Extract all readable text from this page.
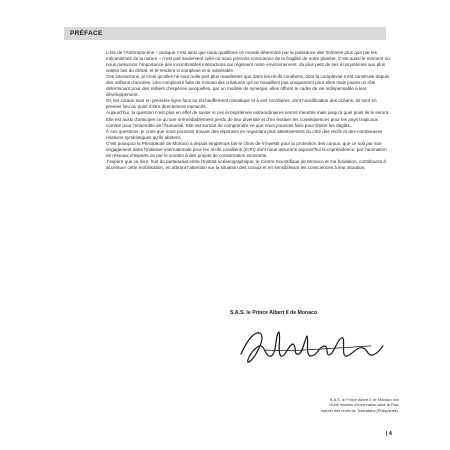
PRÉFACE

L’ère de l’Anthropocène – puisque c’est ainsi que nous qualifions ce monde déterminé par la puissance des hommes plus que par les mécanismes de la nature – n’est pas seulement celle où nous prenons conscience de la fragilité de notre planète. C’est aussi le moment où nous mesurons l’importance des innombrables interactions qui régissent notre environnement, du plus petit de ses écosystèmes aux plus vastes lois du climat, et le rendent si complexe et si vulnérable.

Ces interactions, je crois qu’elles ne sont nulle part plus manifestes que dans les récifs coralliens, dont la complexité s’est construite depuis des millions d’années. Une complexité faite de minuscules créatures qui ne travaillent pas uniquement pour elles mais jouent un rôle déterminant pour des milliers d’espèces auxquelles, par un modèle de synergie, elles offrent le cadre de vie indispensable à leur développement.

Or, les coraux sont en première ligne face au réchauffement climatique et à ses corollaires, dont l’acidification des océans. Ils sont en premier lieu au point d’être directement menacés.

Aujourd’hui, la question n’est plus en effet de savoir si ces écosystèmes extraordinaires seront meurtris mais jusqu’à quel point ils le seront. Elle est aussi d’anticiper ce qu’une irrémédiablement perdu de leur diversité et d’en évaluer les conséquences pour les pays tropicaux comme pour l’ensemble de l’humanité. Elle est surtout de comprendre ce que nous pouvons faire pour limiter les dégâts.

À ces questions, je crois que nous pouvons trouver des réponses en regardant plus attentivement du côté des récifs et des nombreuses relations symbiotiques qu’ils abritent.

C’est pourquoi la Principauté de Monaco a depuis longtemps fait le choix de s’investir pour la protection des coraux, que ce soit par son engagement dans l’initiative internationale pour les récifs coralliens (ICRI) dont nous assurons aujourd’hui la coprésidence, par l’animation de réseaux d’experts ou par le soutien à des projets de conservation innovants.

J’espère que ce livre, fruit du partenariat entre l’Institut océanographique, le Centre Scientifique de Monaco et ma fondation, contribuera à accentuer cette mobilisation, en attirant l’attention sur la situation des coraux et en sensibilisant les consciences à leur situation.

S.A.S. le Prince Albert II de Monaco
S.A.S. le Prince Albert II de Monaco lors
d’une mission d’exploration dans le Parc
naturel des récifs de Tubbataha (Philippines).
| 4
